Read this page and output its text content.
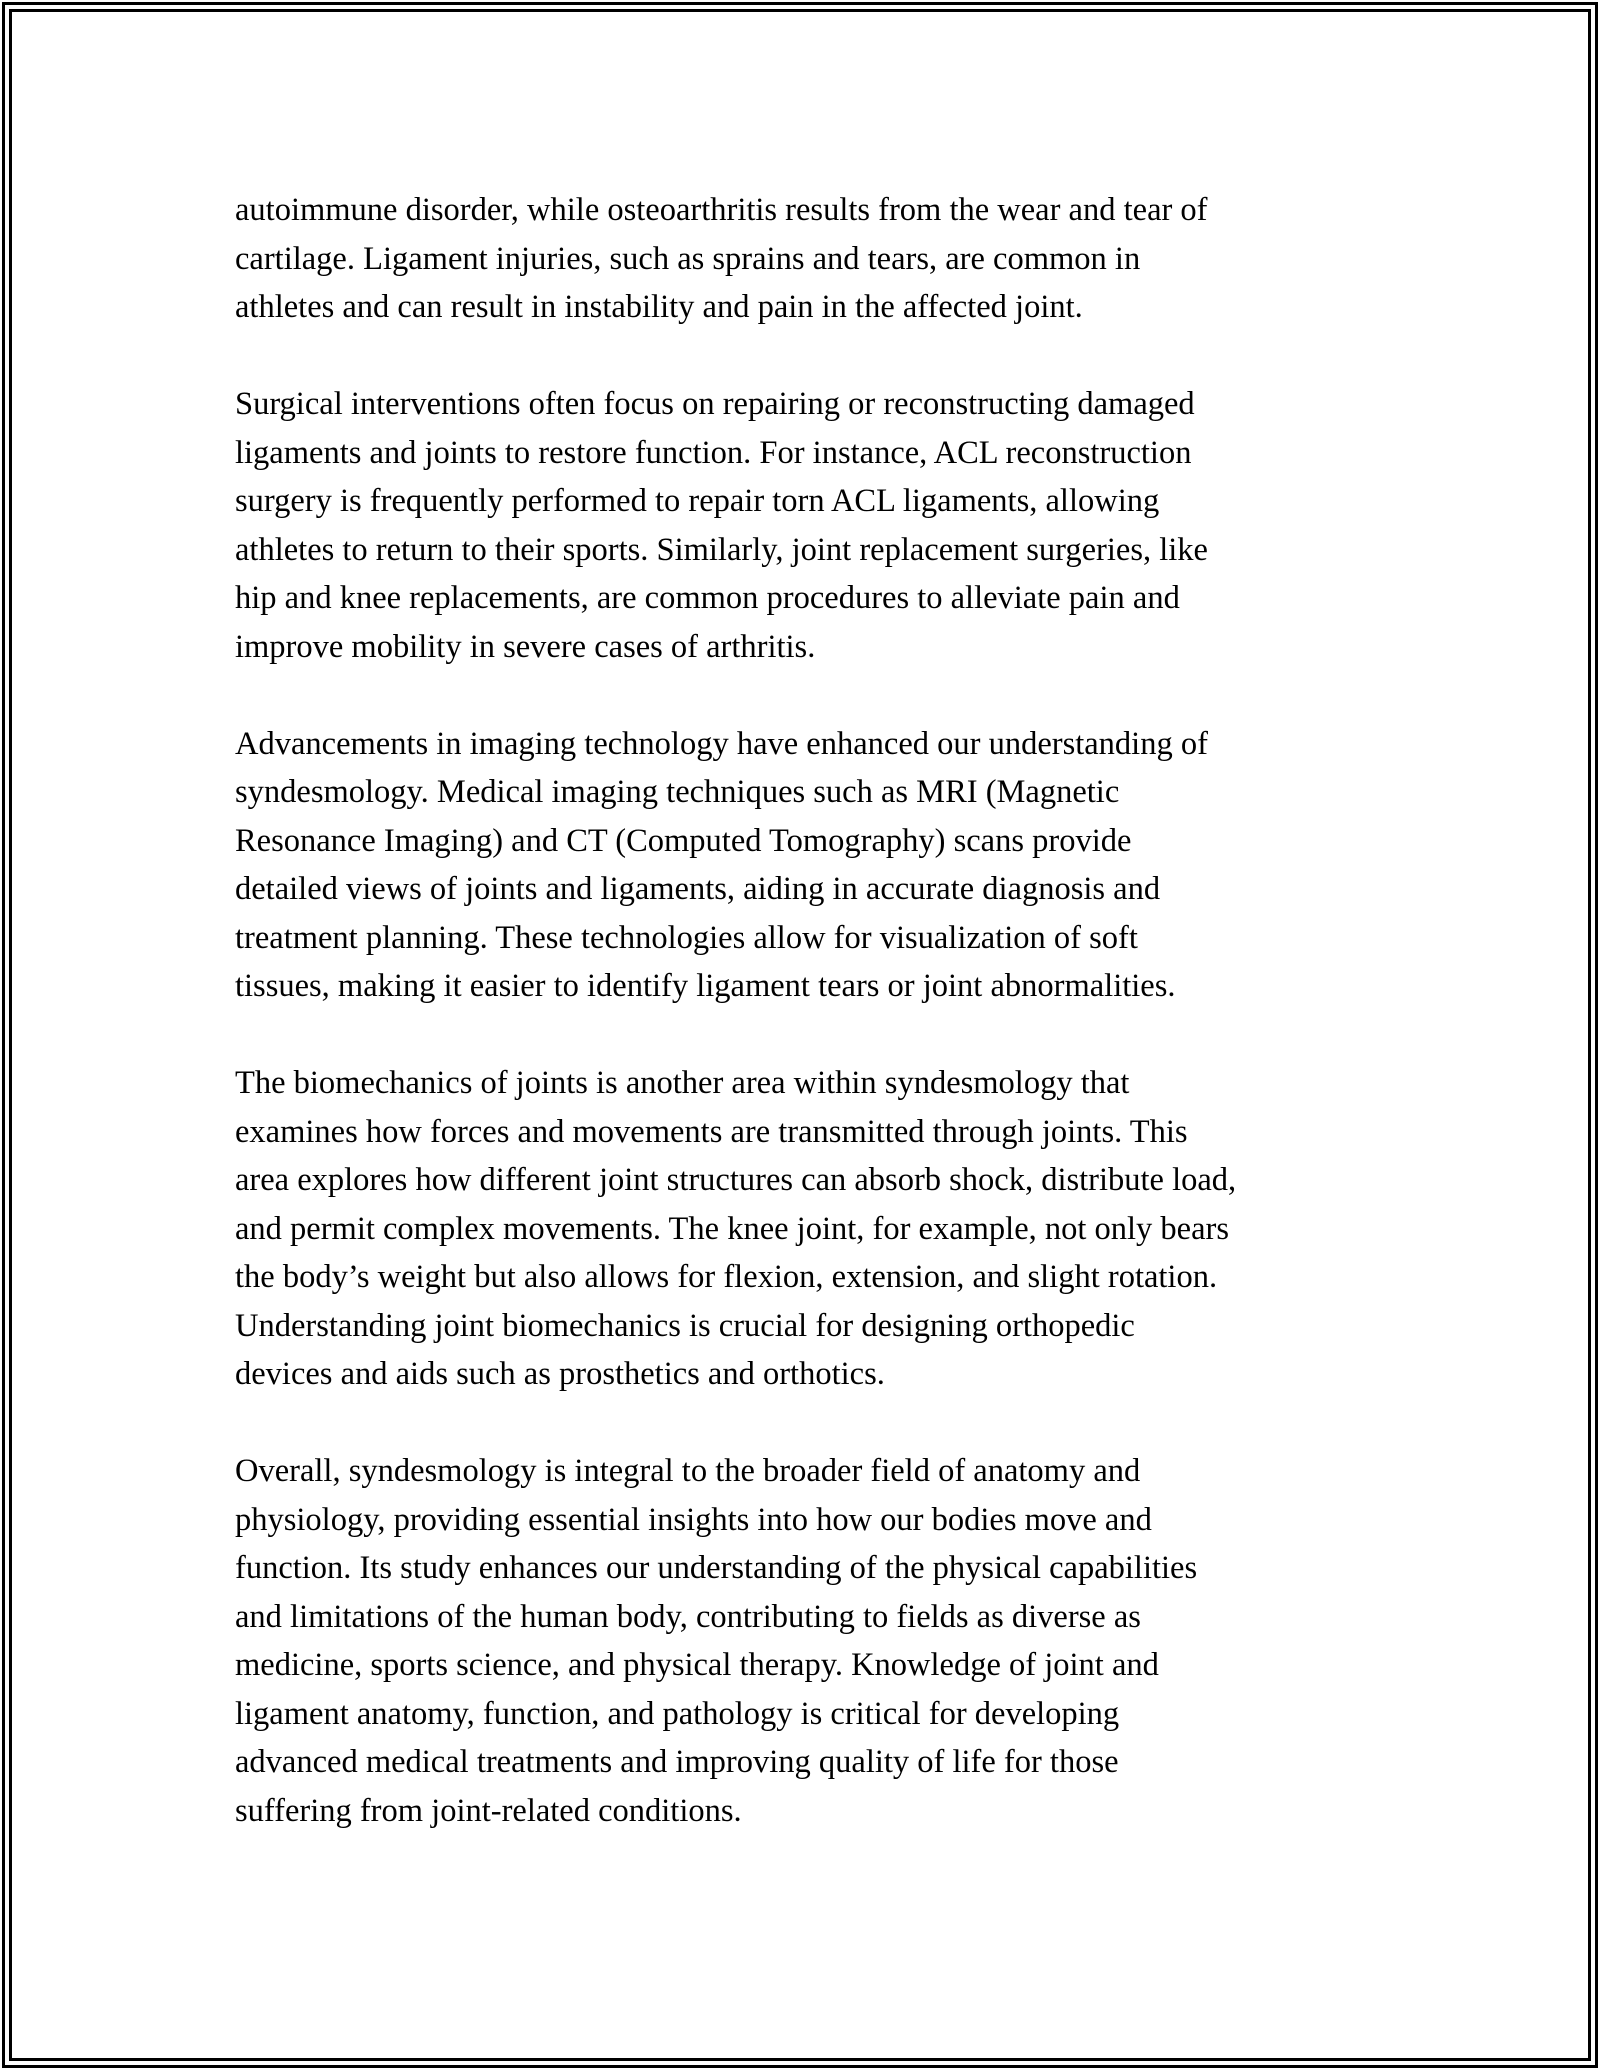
autoimmune disorder, while osteoarthritis results from the wear and tear of
cartilage. Ligament injuries, such as sprains and tears, are common in
athletes and can result in instability and pain in the affected joint.

Surgical interventions often focus on repairing or reconstructing damaged
ligaments and joints to restore function. For instance, ACL reconstruction
surgery is frequently performed to repair torn ACL ligaments, allowing
athletes to return to their sports. Similarly, joint replacement surgeries, like
hip and knee replacements, are common procedures to alleviate pain and
improve mobility in severe cases of arthritis.

Advancements in imaging technology have enhanced our understanding of
syndesmology. Medical imaging techniques such as MRI (Magnetic
Resonance Imaging) and CT (Computed Tomography) scans provide
detailed views of joints and ligaments, aiding in accurate diagnosis and
treatment planning. These technologies allow for visualization of soft
tissues, making it easier to identify ligament tears or joint abnormalities.

The biomechanics of joints is another area within syndesmology that
examines how forces and movements are transmitted through joints. This
area explores how different joint structures can absorb shock, distribute load,
and permit complex movements. The knee joint, for example, not only bears
the body’s weight but also allows for flexion, extension, and slight rotation.
Understanding joint biomechanics is crucial for designing orthopedic
devices and aids such as prosthetics and orthotics.

Overall, syndesmology is integral to the broader field of anatomy and
physiology, providing essential insights into how our bodies move and
function. Its study enhances our understanding of the physical capabilities
and limitations of the human body, contributing to fields as diverse as
medicine, sports science, and physical therapy. Knowledge of joint and
ligament anatomy, function, and pathology is critical for developing
advanced medical treatments and improving quality of life for those
suffering from joint-related conditions.
